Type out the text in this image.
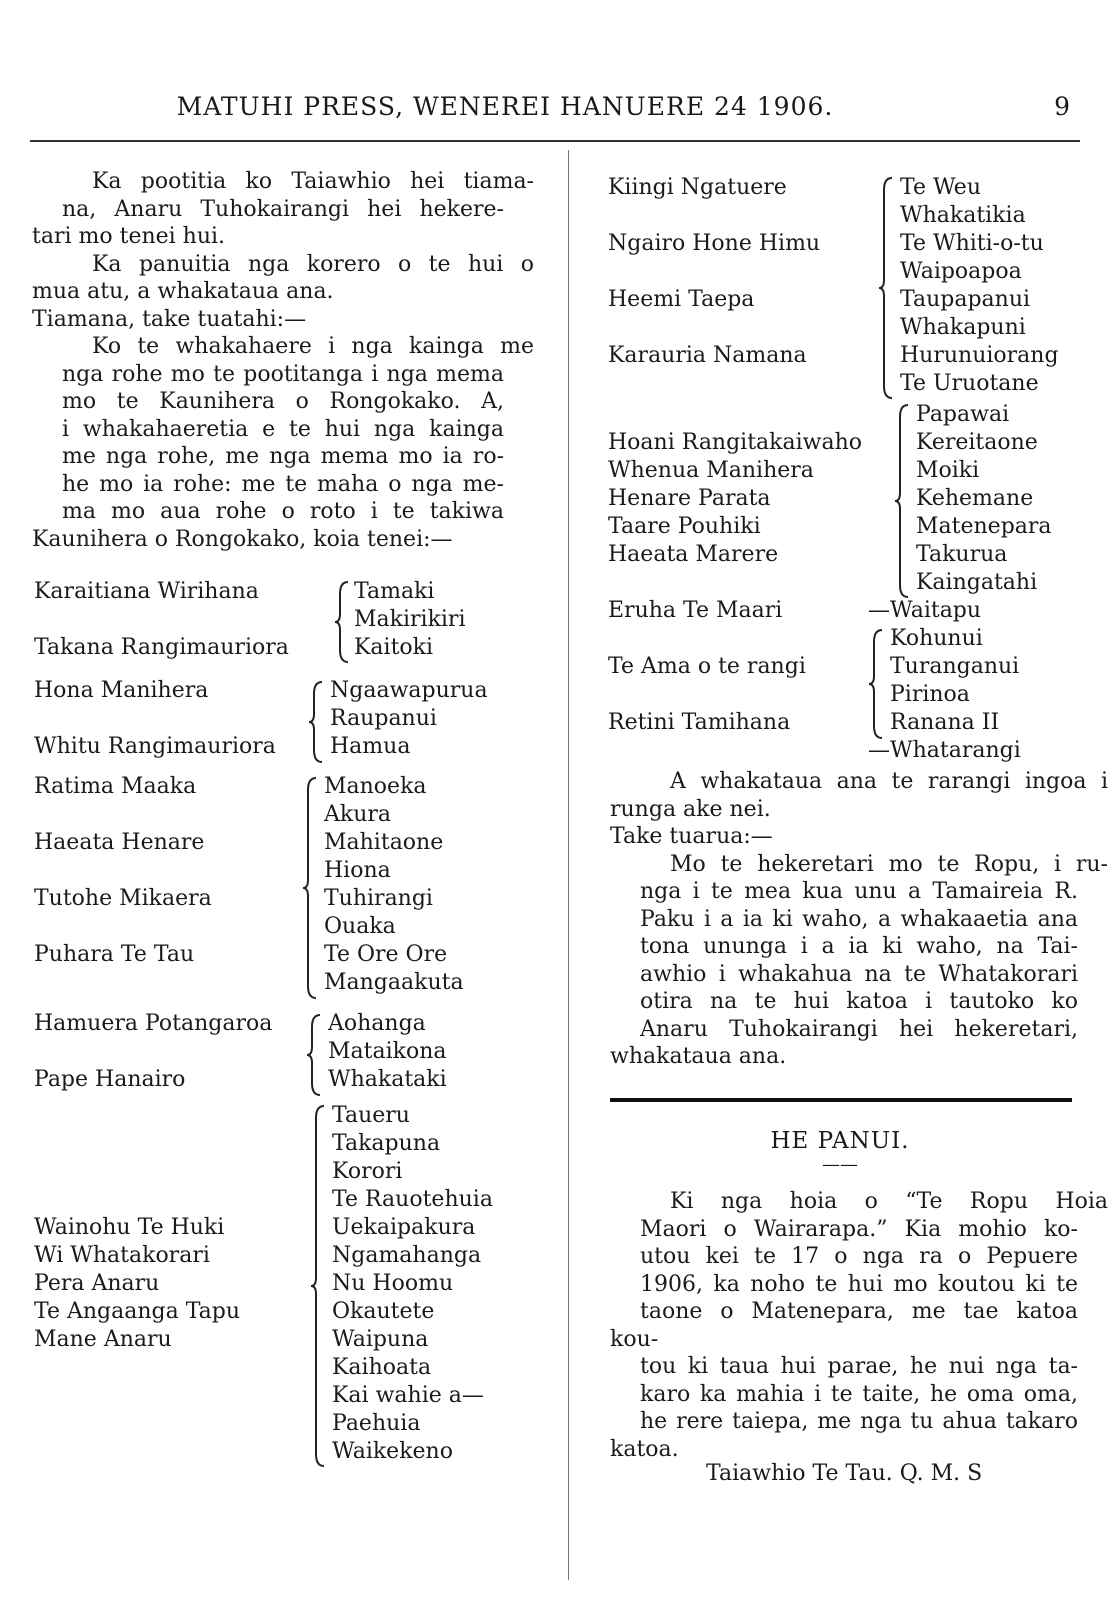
MATUHI PRESS, WENEREI HANUERE 24 1906.	9

Ka pootitia ko Taiawhio hei tiama-
na, Anaru Tuhokairangi hei hekere-
tari mo tenei hui.

Ka panuitia nga korero o te hui o
mua atu, a whakataua ana.

Tiamana, take tuatahi:—

Ko te whakahaere i nga kainga me
nga rohe mo te pootitanga i nga mema
mo te Kaunihera o Rongokako. A,
i whakahaeretia e te hui nga kainga
me nga rohe, me nga mema mo ia ro-
he mo ia rohe: me te maha o nga me-
ma mo aua rohe o roto i te takiwa
Kaunihera o Rongokako, koia tenei:—

Karaitiana Wirihana
Takana Rangimauriora
Tamaki
Makirikiri
Kaitoki
Hona Manihera
Whitu Rangimauriora
Ngaawapurua
Raupanui
Hamua
Ratima Maaka
Haeata Henare
Tutohe Mikaera
Puhara Te Tau
Manoeka
Akura
Mahitaone
Hiona
Tuhirangi
Ouaka
Te Ore Ore
Mangaakuta
Hamuera Potangaroa
Pape Hanairo
Aohanga
Mataikona
Whakataki
Wainohu Te Huki
Wi Whatakorari
Pera Anaru
Te Angaanga Tapu
Mane Anaru
Taueru
Takapuna
Korori
Te Rauotehuia
Uekaipakura
Ngamahanga
Nu Hoomu
Okautete
Waipuna
Kaihoata
Kai wahie a—
Paehuia
Waikekeno
Kiingi Ngatuere
Ngairo Hone Himu
Heemi Taepa
Karauria Namana
Te Weu
Whakatikia
Te Whiti-o-tu
Waipoapoa
Taupapanui
Whakapuni
Hurunuiorang
Te Uruotane
Hoani Rangitakaiwaho
Whenua Manihera
Henare Parata
Taare Pouhiki
Haeata Marere
Papawai
Kereitaone
Moiki
Kehemane
Matenepara
Takurua
Kaingatahi
Eruha Te Maari
Te Ama o te rangi
Retini Tamihana
—Waitapu
Kohunui
Turanganui
Pirinoa
Ranana II
—Whatarangi

A whakataua ana te rarangi ingoa i
runga ake nei.

Take tuarua:—

Mo te hekeretari mo te Ropu, i ru-
nga i te mea kua unu a Tamaireia R.
Paku i a ia ki waho, a whakaaetia ana
tona ununga i a ia ki waho, na Tai-
awhio i whakahua na te Whatakorari
otira na te hui katoa i tautoko ko
Anaru Tuhokairangi hei hekeretari,
whakataua ana.

HE PANUI.
——

Ki nga hoia o “Te Ropu Hoia
Maori o Wairarapa.” Kia mohio ko-
utou kei te 17 o nga ra o Pepuere
1906, ka noho te hui mo koutou ki te
taone o Matenepara, me tae katoa kou-
tou ki taua hui parae, he nui nga ta-
karo ka mahia i te taite, he oma oma,
he rere taiepa, me nga tu ahua takaro
katoa.

Taiawhio Te Tau. Q. M. S
